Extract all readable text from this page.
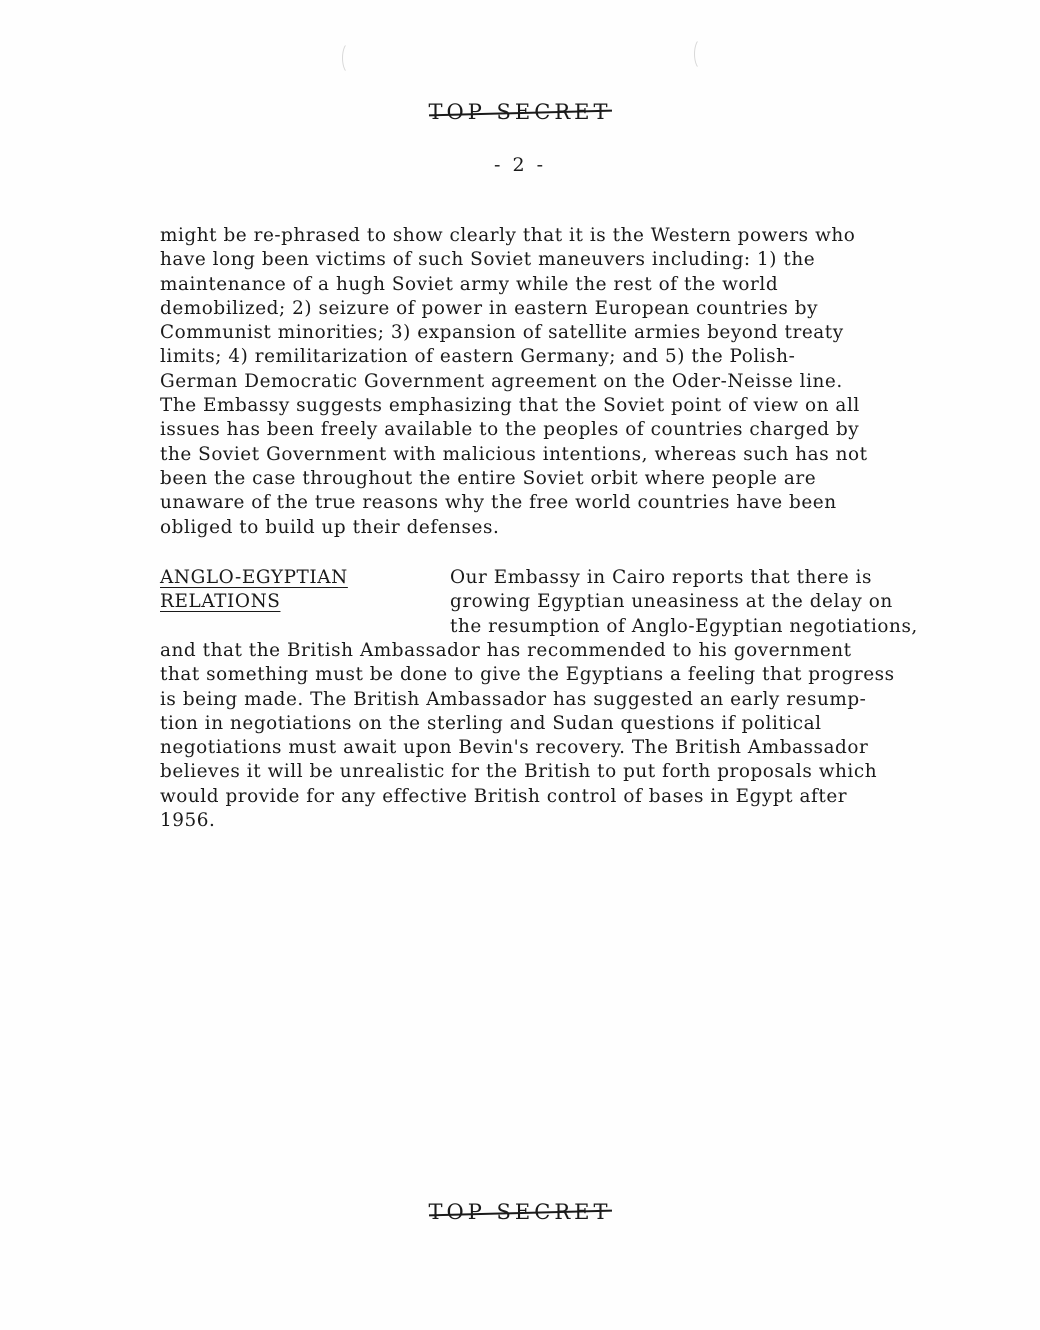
TOP SECRET
- 2 -

might be re-phrased to show clearly that it is the Western powers who
have long been victims of such Soviet maneuvers including: 1) the
maintenance of a hugh Soviet army while the rest of the world
demobilized; 2) seizure of power in eastern European countries by
Communist minorities; 3) expansion of satellite armies beyond treaty
limits; 4) remilitarization of eastern Germany; and 5) the Polish-
German Democratic Government agreement on the Oder-Neisse line.
The Embassy suggests emphasizing that the Soviet point of view on all
issues has been freely available to the peoples of countries charged by
the Soviet Government with malicious intentions, whereas such has not
been the case throughout the entire Soviet orbit where people are
unaware of the true reasons why the free world countries have been
obliged to build up their defenses.

ANGLO-EGYPTIAN
RELATIONS
Our Embassy in Cairo reports that there is
growing Egyptian uneasiness at the delay on
the resumption of Anglo-Egyptian negotiations,

and that the British Ambassador has recommended to his government
that something must be done to give the Egyptians a feeling that progress
is being made. The British Ambassador has suggested an early resump-
tion in negotiations on the sterling and Sudan questions if political
negotiations must await upon Bevin's recovery. The British Ambassador
believes it will be unrealistic for the British to put forth proposals which
would provide for any effective British control of bases in Egypt after
1956.

TOP SECRET
